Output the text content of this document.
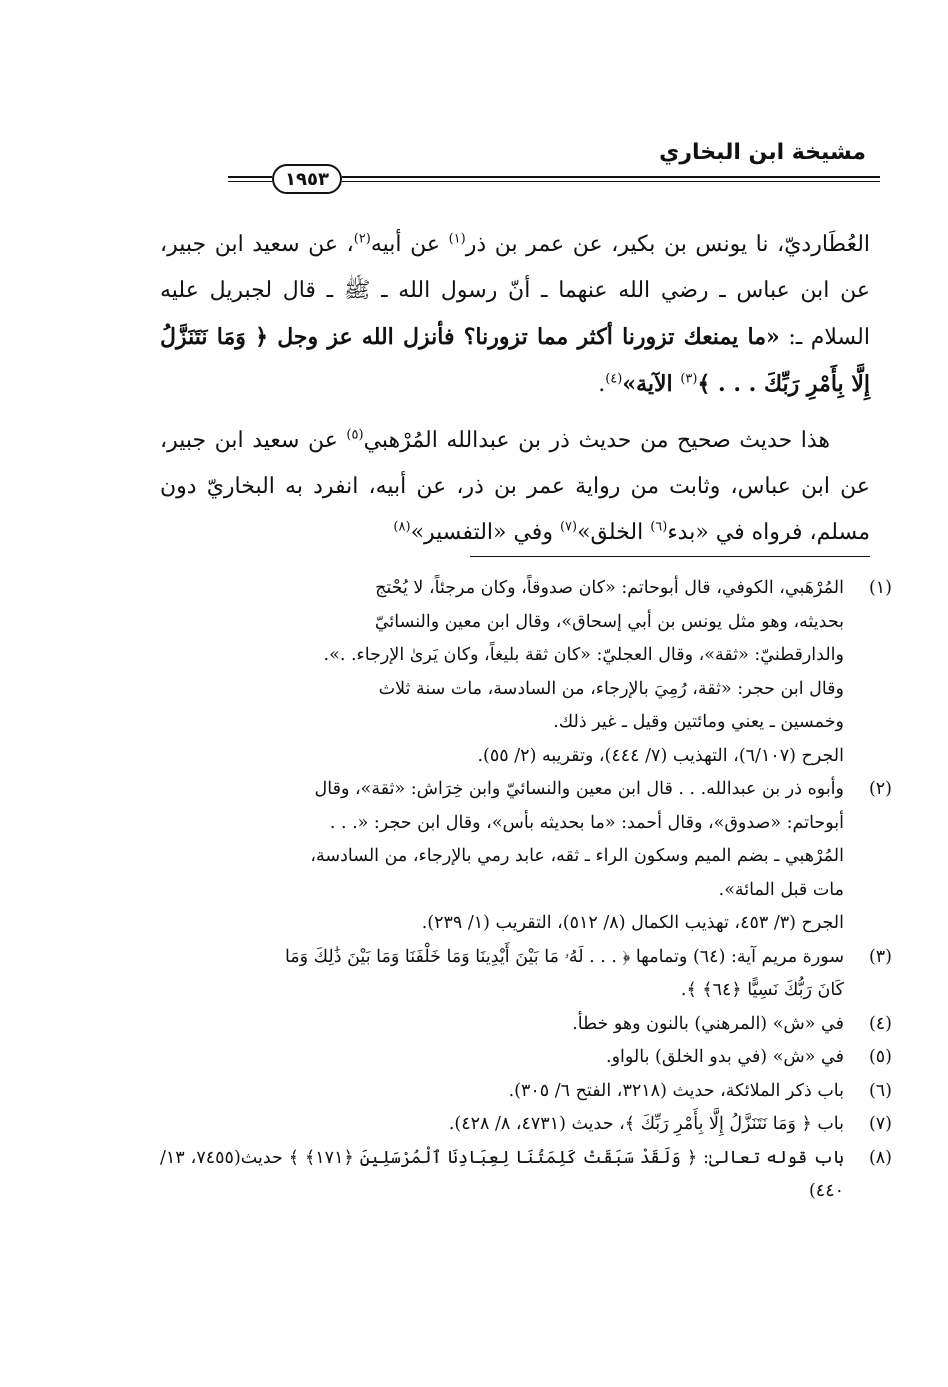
مشيخة ابن البخاري
١٩٥٣

العُطَارديّ، نا يونس بن بكير، عن عمر بن ذر$^{(١)}$ عن أبيه$^{(٢)}$، عن سعيد ابن جبير، عن ابن عباس ـ رضي الله عنهما ـ أنّ رسول الله ـ ﷺ ـ قال لجبريل عليه السلام ـ: «ما يمنعك تزورنا أكثر مما تزورنا؟ فأنزل الله عز وجل ﴿ وَمَا نَتَنَزَّلُ إِلَّا بِأَمْرِ رَبِّكَ . . . ﴾$^{(٣)}$ الآية»$^{(٤)}$.

هذا حديث صحيح من حديث ذر بن عبدالله المُرْهبي$^{(٥)}$ عن سعيد ابن جبير، عن ابن عباس، وثابت من رواية عمر بن ذر، عن أبيه، انفرد به البخاريّ دون مسلم، فرواه في «بدء$^{(٦)}$ الخلق»$^{(٧)}$ وفي «التفسير»$^{(٨)}$

(١)
المُرْهَبي، الكوفي، قال أبوحاتم: «كان صدوقاً، وكان مرجئاً، لا يُحْتج
بحديثه، وهو مثل يونس بن أبي إسحاق»، وقال ابن معين والنسائيّ
والدارقطنيّ: «ثقة»، وقال العجليّ: «كان ثقة بليغاً، وكان يَرىٰ الإرجاء. .».
وقال ابن حجر: «ثقة، رُمِيَ بالإرجاء، من السادسة، مات سنة ثلاث
وخمسين ـ يعني ومائتين وقيل ـ غير ذلك.
الجرح (٦/١٠٧)، التهذيب (٧/ ٤٤٤)، وتقريبه (٢/ ٥٥).
(٢)
وأبوه ذر بن عبدالله. . . قال ابن معين والنسائيّ وابن خِرَاش: «ثقة»، وقال
أبوحاتم: «صدوق»، وقال أحمد: «ما بحديثه بأس»، وقال ابن حجر: «. . .
المُرْهبي ـ بضم الميم وسكون الراء ـ ثقه، عابد رمي بالإرجاء، من السادسة،
مات قبل المائة».
الجرح (٣/ ٤٥٣، تهذيب الكمال (٨/ ٥١٢)، التقريب (١/ ٢٣٩).
(٣)
سورة مريم آية: (٦٤) وتمامها ﴿ . . . لَهُۥ مَا بَيْنَ أَيْدِينَا وَمَا خَلْفَنَا وَمَا بَيْنَ ذَٰلِكَ وَمَا
كَانَ رَبُّكَ نَسِيًّا ﴿٦٤﴾ ﴾.
(٤)
في «ش» (المرهني) بالنون وهو خطأ.
(٥)
في «ش» (في بدو الخلق) بالواو.
(٦)
باب ذكر الملائكة، حديث (٣٢١٨، الفتح ٦/ ٣٠٥).
(٧)
باب ﴿ وَمَا نَتَنَزَّلُ إِلَّا بِأَمْرِ رَبِّكَ ﴾، حديث (٤٧٣١، ٨/ ٤٢٨).
(٨)
باب قوله تعالىٰ: ﴿ وَلَقَدْ سَبَقَتْ كَلِمَتُنَا لِعِبَادِنَا ٱلْمُرْسَلِينَ ﴿١٧١﴾ ﴾ حديث(٧٤٥٥، ١٣/ ٤٤٠)
